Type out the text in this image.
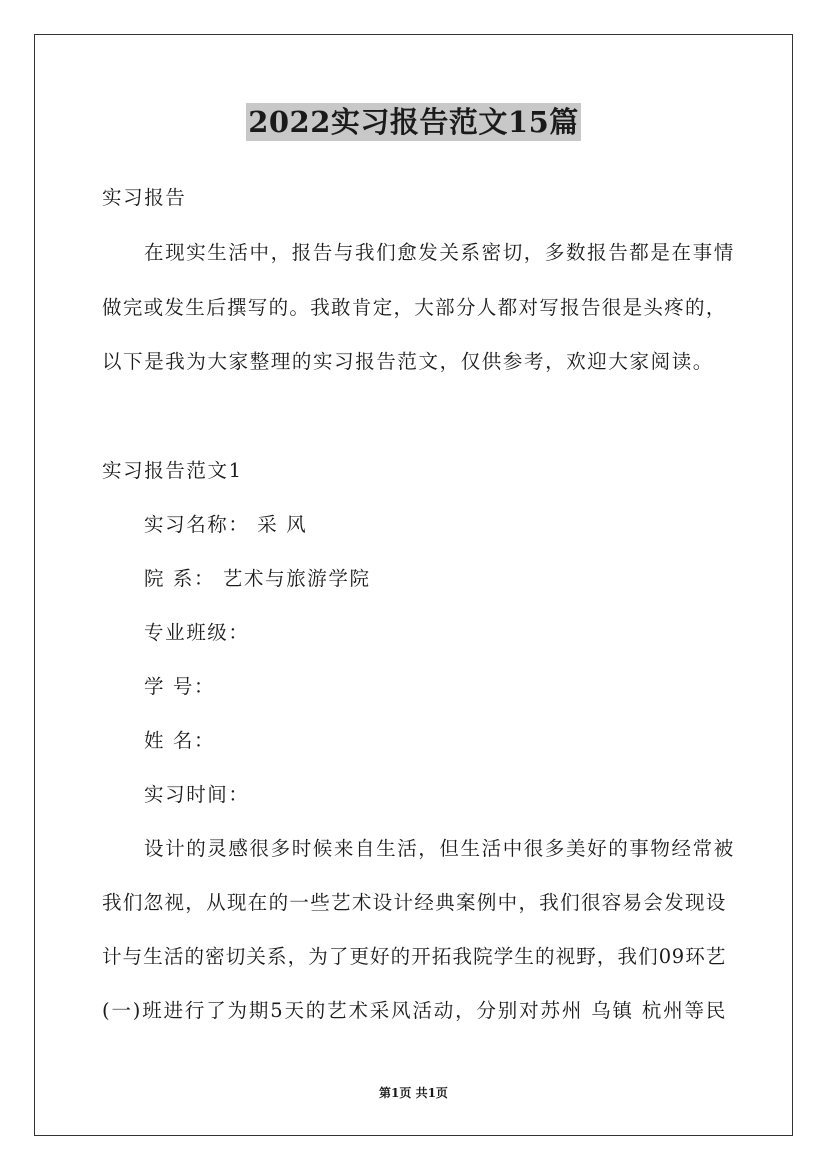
2022实习报告范文15篇
实习报告
在现实生活中，报告与我们愈发关系密切，多数报告都是在事情
做完或发生后撰写的。我敢肯定，大部分人都对写报告很是头疼的，
以下是我为大家整理的实习报告范文，仅供参考，欢迎大家阅读。
实习报告范文1
实习名称： 采 风
院 系： 艺术与旅游学院
专业班级：
学 号：
姓 名：
实习时间：
设计的灵感很多时候来自生活，但生活中很多美好的事物经常被
我们忽视，从现在的一些艺术设计经典案例中，我们很容易会发现设
计与生活的密切关系，为了更好的开拓我院学生的视野，我们09环艺
(一)班进行了为期5天的艺术采风活动，分别对苏州 乌镇 杭州等民
第1页 共1页
